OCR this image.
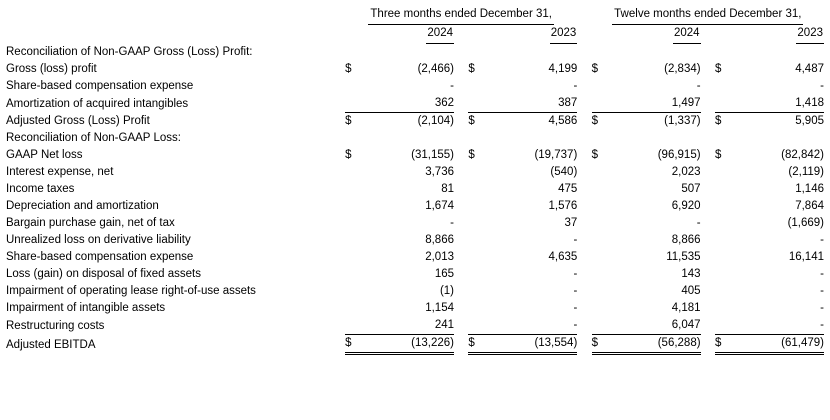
	Three months ended December 31,						Twelve months ended December 31,				
	2024			2023			2024			2023	
Reconciliation of Non-GAAP Gross (Loss) Profit:											
Gross (loss) profit	$	(2,466)		$	4,199		$	(2,834)		$	4,487
Share-based compensation expense		-			-			-			-
Amortization of acquired intangibles		362			387			1,497			1,418
Adjusted Gross (Loss) Profit	$	(2,104)		$	4,586		$	(1,337)		$	5,905
Reconciliation of Non-GAAP Loss:											
GAAP Net loss	$	(31,155)		$	(19,737)		$	(96,915)		$	(82,842)
Interest expense, net		3,736			(540)			2,023			(2,119)
Income taxes		81			475			507			1,146
Depreciation and amortization		1,674			1,576			6,920			7,864
Bargain purchase gain, net of tax		-			37			-			(1,669)
Unrealized loss on derivative liability		8,866			-			8,866			-
Share-based compensation expense		2,013			4,635			11,535			16,141
Loss (gain) on disposal of fixed assets		165			-			143			-
Impairment of operating lease right-of-use assets		(1)			-			405			-
Impairment of intangible assets		1,154			-			4,181			-
Restructuring costs		241			-			6,047			-
Adjusted EBITDA	$	(13,226)		$	(13,554)		$	(56,288)		$	(61,479)
